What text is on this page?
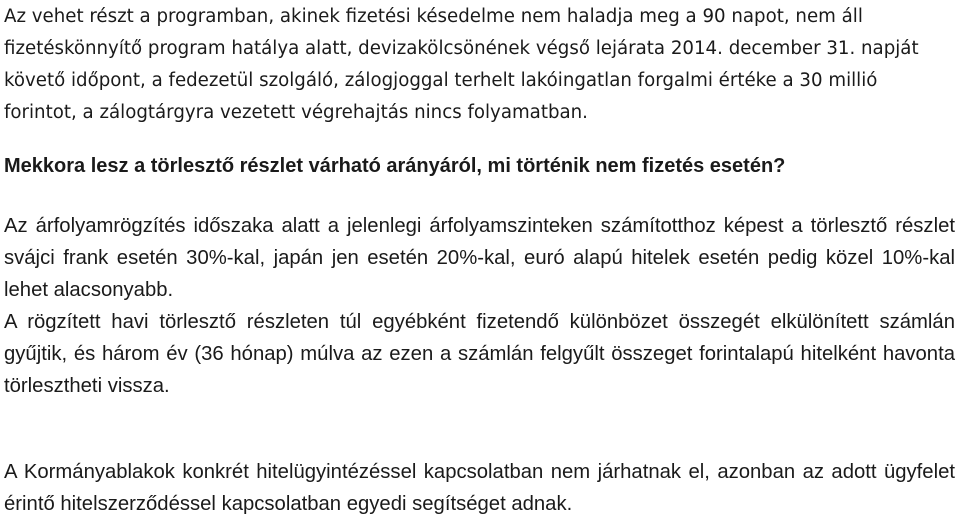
Az vehet részt a programban, akinek fizetési késedelme nem haladja meg a 90 napot, nem áll fizetéskönnyítő program hatálya alatt, devizakölcsönének végső lejárata 2014. december 31. napját követő időpont, a fedezetül szolgáló, zálogjoggal terhelt lakóingatlan forgalmi értéke a 30 millió forintot, a zálogtárgyra vezetett végrehajtás nincs folyamatban.

Mekkora lesz a törlesztő részlet várható arányáról, mi történik nem fizetés esetén?

Az árfolyamrögzítés időszaka alatt a jelenlegi árfolyamszinteken számítotthoz képest a törlesztő részlet svájci frank esetén 30%-kal, japán jen esetén 20%-kal, euró alapú hitelek esetén pedig közel 10%-kal lehet alacsonyabb.

A rögzített havi törlesztő részleten túl egyébként fizetendő különbözet összegét elkülönített számlán gyűjtik, és három év (36 hónap) múlva az ezen a számlán felgyűlt összeget forintalapú hitelként havonta törlesztheti vissza.

A Kormányablakok konkrét hitelügyintézéssel kapcsolatban nem járhatnak el, azonban az adott ügyfelet érintő hitelszerződéssel kapcsolatban egyedi segítséget adnak.
